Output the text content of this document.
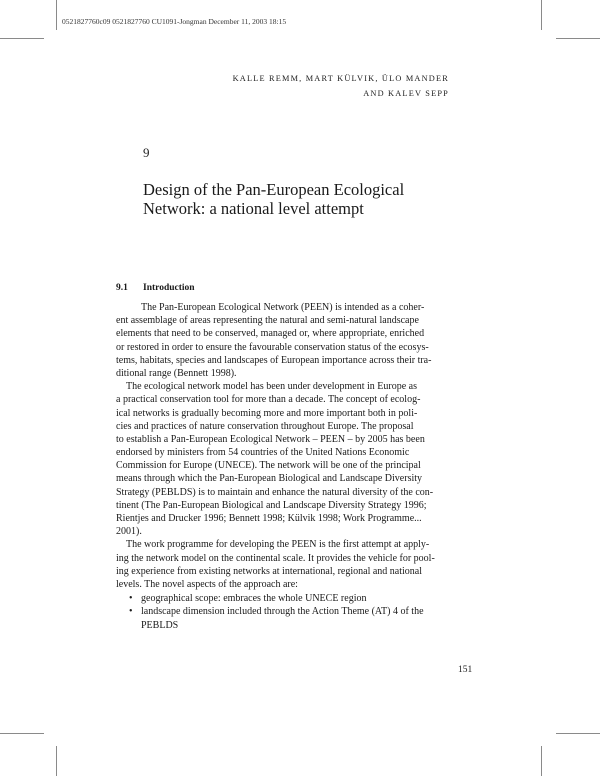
0521827760c09 0521827760 CU1091-Jongman December 11, 2003 18:15
KALLE REMM, MART KÜLVIK, ÜLO MANDER
AND KALEV SEPP
9
Design of the Pan-European Ecological
Network: a national level attempt
9.1 Introduction
The Pan-European Ecological Network (PEEN) is intended as a coher-
ent assemblage of areas representing the natural and semi-natural landscape
elements that need to be conserved, managed or, where appropriate, enriched
or restored in order to ensure the favourable conservation status of the ecosys-
tems, habitats, species and landscapes of European importance across their tra-
ditional range (Bennett 1998).
The ecological network model has been under development in Europe as
a practical conservation tool for more than a decade. The concept of ecolog-
ical networks is gradually becoming more and more important both in poli-
cies and practices of nature conservation throughout Europe. The proposal
to establish a Pan-European Ecological Network – PEEN – by 2005 has been
endorsed by ministers from 54 countries of the United Nations Economic
Commission for Europe (UNECE). The network will be one of the principal
means through which the Pan-European Biological and Landscape Diversity
Strategy (PEBLDS) is to maintain and enhance the natural diversity of the con-
tinent (The Pan-European Biological and Landscape Diversity Strategy 1996;
Rientjes and Drucker 1996; Bennett 1998; Külvik 1998; Work Programme...
2001).
The work programme for developing the PEEN is the first attempt at apply-
ing the network model on the continental scale. It provides the vehicle for pool-
ing experience from existing networks at international, regional and national
levels. The novel aspects of the approach are:
• geographical scope: embraces the whole UNECE region
• landscape dimension included through the Action Theme (AT) 4 of the
PEBLDS
151
